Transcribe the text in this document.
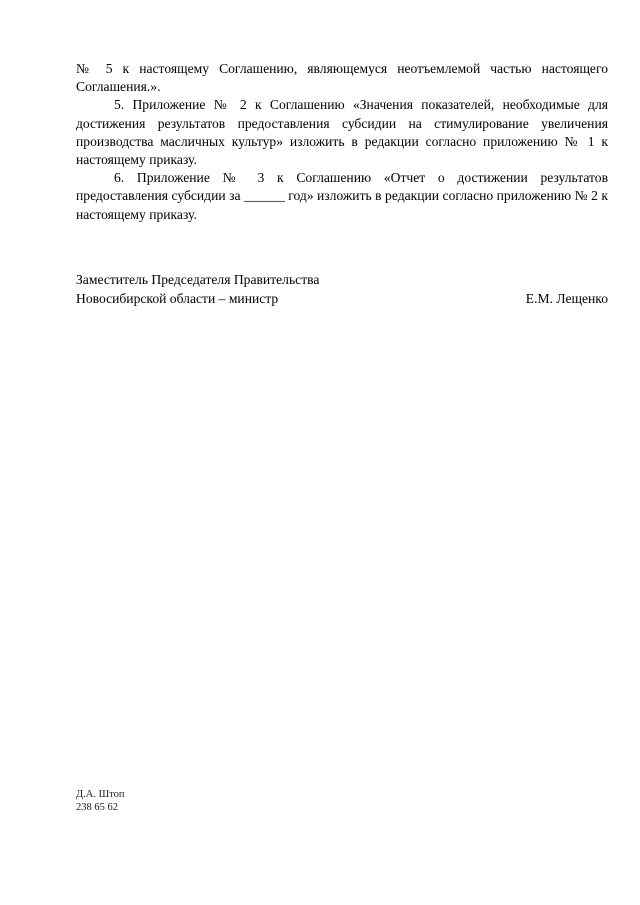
№ 5 к настоящему Соглашению, являющемуся неотъемлемой частью настоящего Соглашения.».

5. Приложение № 2 к Соглашению «Значения показателей, необходимые для достижения результатов предоставления субсидии на стимулирование увеличения производства масличных культур» изложить в редакции согласно приложению № 1 к настоящему приказу.

6. Приложение № 3 к Соглашению «Отчет о достижении результатов предоставления субсидии за ______ год» изложить в редакции согласно приложению № 2 к настоящему приказу.

Заместитель Председателя Правительства
Новосибирской области – министр	Е.М. Лещенко
Д.А. Штоп
238 65 62
